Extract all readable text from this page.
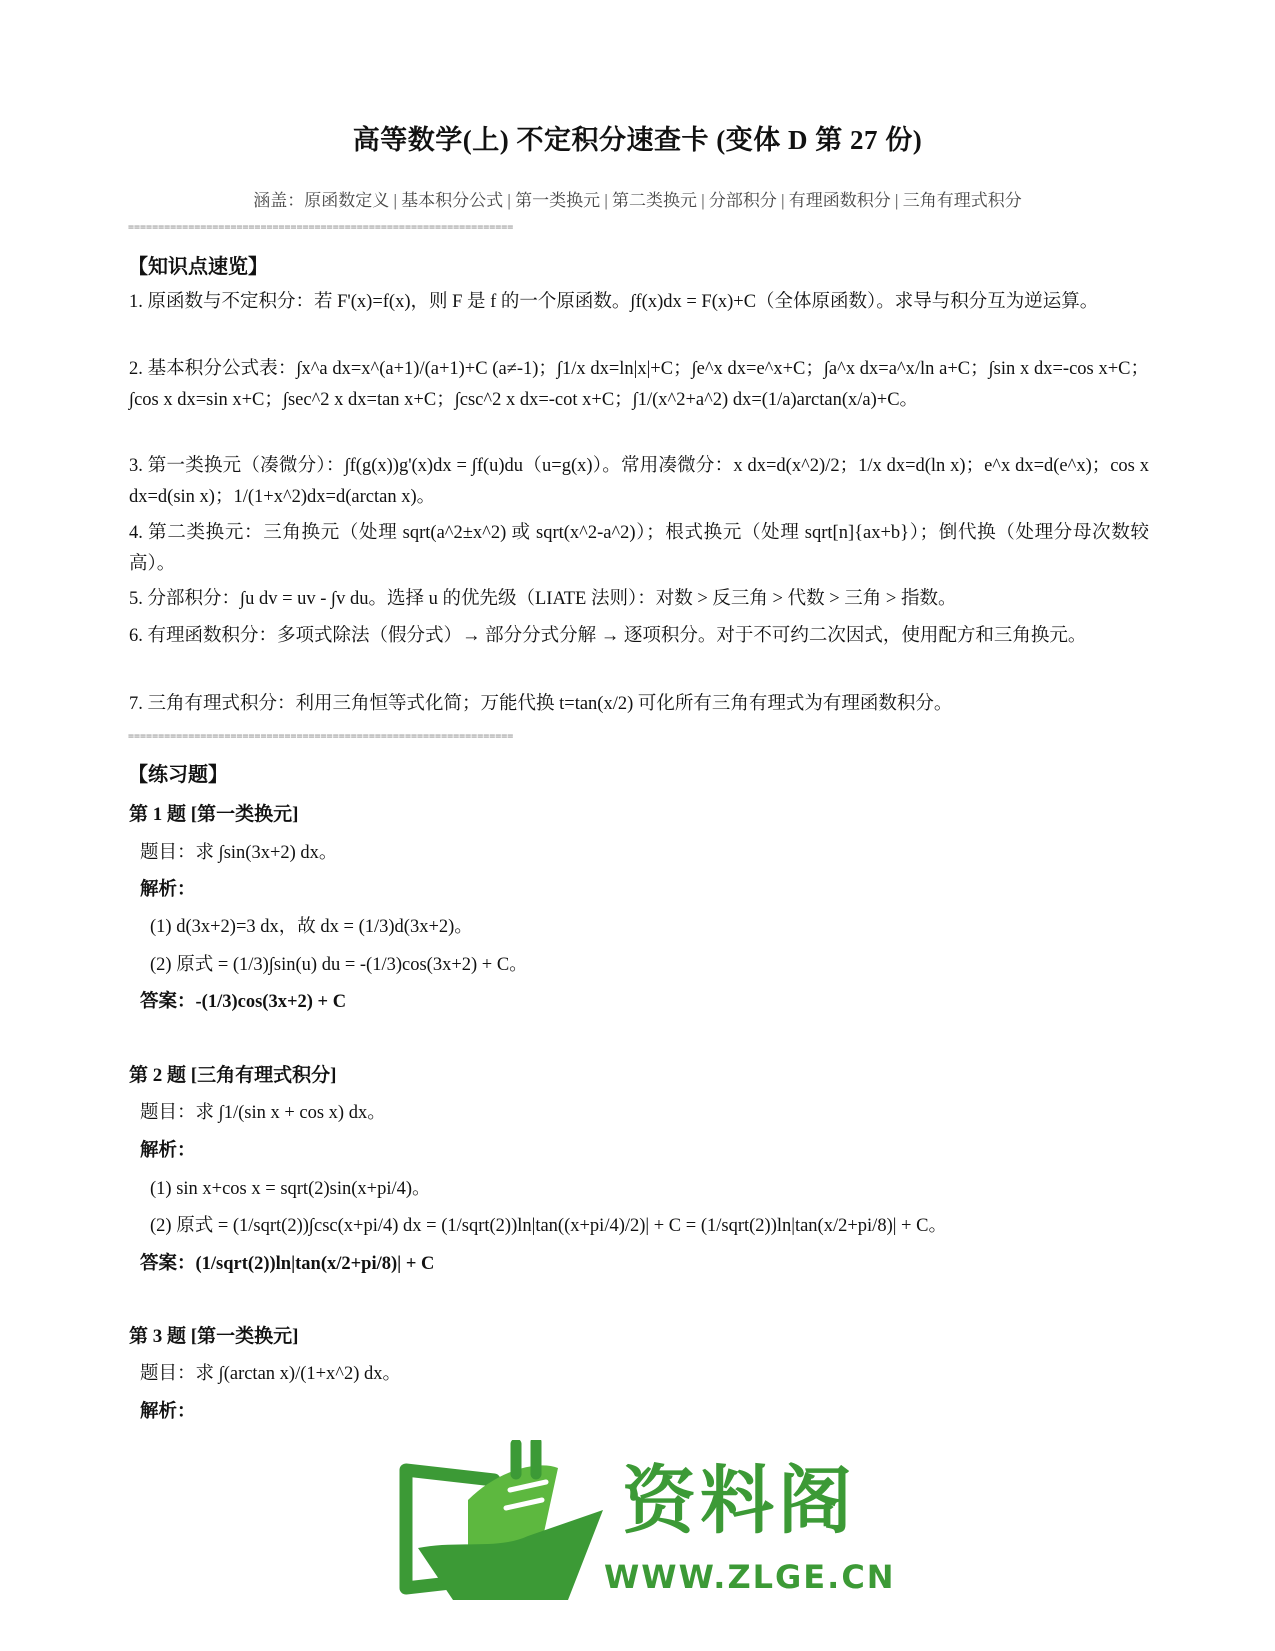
高等数学(上) 不定积分速查卡 (变体 D 第 27 份)
涵盖：原函数定义 | 基本积分公式 | 第一类换元 | 第二类换元 | 分部积分 | 有理函数积分 | 三角有理式积分
================================================================
【知识点速览】
1. 原函数与不定积分：若 F'(x)=f(x)，则 F 是 f 的一个原函数。∫f(x)dx = F(x)+C（全体原函数）。求导与积分互为逆运算。
2. 基本积分公式表：∫x^a dx=x^(a+1)/(a+1)+C (a≠-1)；∫1/x dx=ln|x|+C；∫e^x dx=e^x+C；∫a^x dx=a^x/ln a+C；∫sin x dx=-cos x+C；∫cos x dx=sin x+C；∫sec^2 x dx=tan x+C；∫csc^2 x dx=-cot x+C；∫1/(x^2+a^2) dx=(1/a)arctan(x/a)+C。
3. 第一类换元（凑微分）：∫f(g(x))g'(x)dx = ∫f(u)du（u=g(x)）。常用凑微分：x dx=d(x^2)/2；1/x dx=d(ln x)；e^x dx=d(e^x)；cos x dx=d(sin x)；1/(1+x^2)dx=d(arctan x)。
4. 第二类换元：三角换元（处理 sqrt(a^2±x^2) 或 sqrt(x^2-a^2)）；根式换元（处理 sqrt[n]{ax+b}）；倒代换（处理分母次数较高）。
5. 分部积分：∫u dv = uv - ∫v du。选择 u 的优先级（LIATE 法则）：对数 > 反三角 > 代数 > 三角 > 指数。
6. 有理函数积分：多项式除法（假分式）→ 部分分式分解 → 逐项积分。对于不可约二次因式，使用配方和三角换元。
7. 三角有理式积分：利用三角恒等式化简；万能代换 t=tan(x/2) 可化所有三角有理式为有理函数积分。
================================================================
【练习题】
第 1 题 [第一类换元]
题目：求 ∫sin(3x+2) dx。
解析：
(1) d(3x+2)=3 dx，故 dx = (1/3)d(3x+2)。
(2) 原式 = (1/3)∫sin(u) du = -(1/3)cos(3x+2) + C。
答案：-(1/3)cos(3x+2) + C
第 2 题 [三角有理式积分]
题目：求 ∫1/(sin x + cos x) dx。
解析：
(1) sin x+cos x = sqrt(2)sin(x+pi/4)。
(2) 原式 = (1/sqrt(2))∫csc(x+pi/4) dx = (1/sqrt(2))ln|tan((x+pi/4)/2)| + C = (1/sqrt(2))ln|tan(x/2+pi/8)| + C。
答案：(1/sqrt(2))ln|tan(x/2+pi/8)| + C
第 3 题 [第一类换元]
题目：求 ∫(arctan x)/(1+x^2) dx。
解析：
资料阁
WWW.ZLGE.CN
